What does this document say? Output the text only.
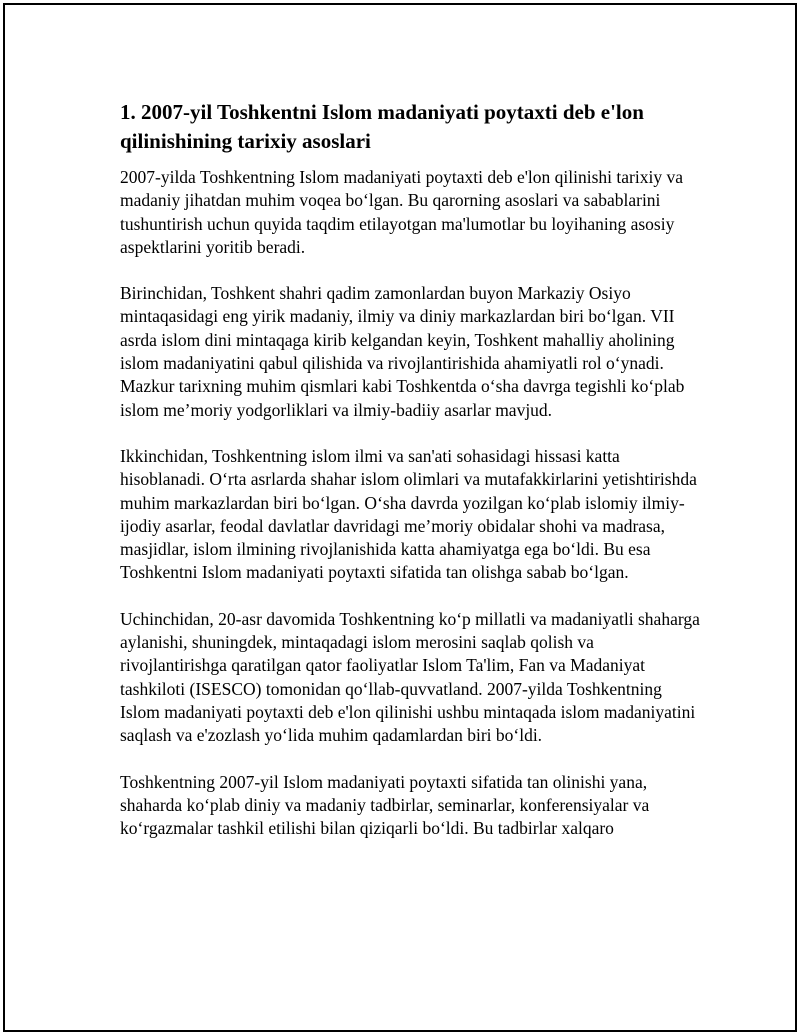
1. 2007-yil Toshkentni Islom madaniyati poytaxti deb e'lon qilinishining tarixiy asoslari

2007-yilda Toshkentning Islom madaniyati poytaxti deb e'lon qilinishi tarixiy va madaniy jihatdan muhim voqea bo‘lgan. Bu qarorning asoslari va sabablarini tushuntirish uchun quyida taqdim etilayotgan ma'lumotlar bu loyihaning asosiy aspektlarini yoritib beradi.

Birinchidan, Toshkent shahri qadim zamonlardan buyon Markaziy Osiyo mintaqasidagi eng yirik madaniy, ilmiy va diniy markazlardan biri bo‘lgan. VII asrda islom dini mintaqaga kirib kelgandan keyin, Toshkent mahalliy aholining islom madaniyatini qabul qilishida va rivojlantirishida ahamiyatli rol o‘ynadi. Mazkur tarixning muhim qismlari kabi Toshkentda o‘sha davrga tegishli ko‘plab islom me’moriy yodgorliklari va ilmiy-badiiy asarlar mavjud.

Ikkinchidan, Toshkentning islom ilmi va san'ati sohasidagi hissasi katta hisoblanadi. O‘rta asrlarda shahar islom olimlari va mutafakkirlarini yetishtirishda muhim markazlardan biri bo‘lgan. O‘sha davrda yozilgan ko‘plab islomiy ilmiy-ijodiy asarlar, feodal davlatlar davridagi me’moriy obidalar shohi va madrasa, masjidlar, islom ilmining rivojlanishida katta ahamiyatga ega bo‘ldi. Bu esa Toshkentni Islom madaniyati poytaxti sifatida tan olishga sabab bo‘lgan.

Uchinchidan, 20-asr davomida Toshkentning ko‘p millatli va madaniyatli shaharga aylanishi, shuningdek, mintaqadagi islom merosini saqlab qolish va rivojlantirishga qaratilgan qator faoliyatlar Islom Ta'lim, Fan va Madaniyat tashkiloti (ISESCO) tomonidan qo‘llab-quvvatland. 2007-yilda Toshkentning Islom madaniyati poytaxti deb e'lon qilinishi ushbu mintaqada islom madaniyatini saqlash va e'zozlash yo‘lida muhim qadamlardan biri bo‘ldi.

Toshkentning 2007-yil Islom madaniyati poytaxti sifatida tan olinishi yana, shaharda ko‘plab diniy va madaniy tadbirlar, seminarlar, konferensiyalar va ko‘rgazmalar tashkil etilishi bilan qiziqarli bo‘ldi. Bu tadbirlar xalqaro
